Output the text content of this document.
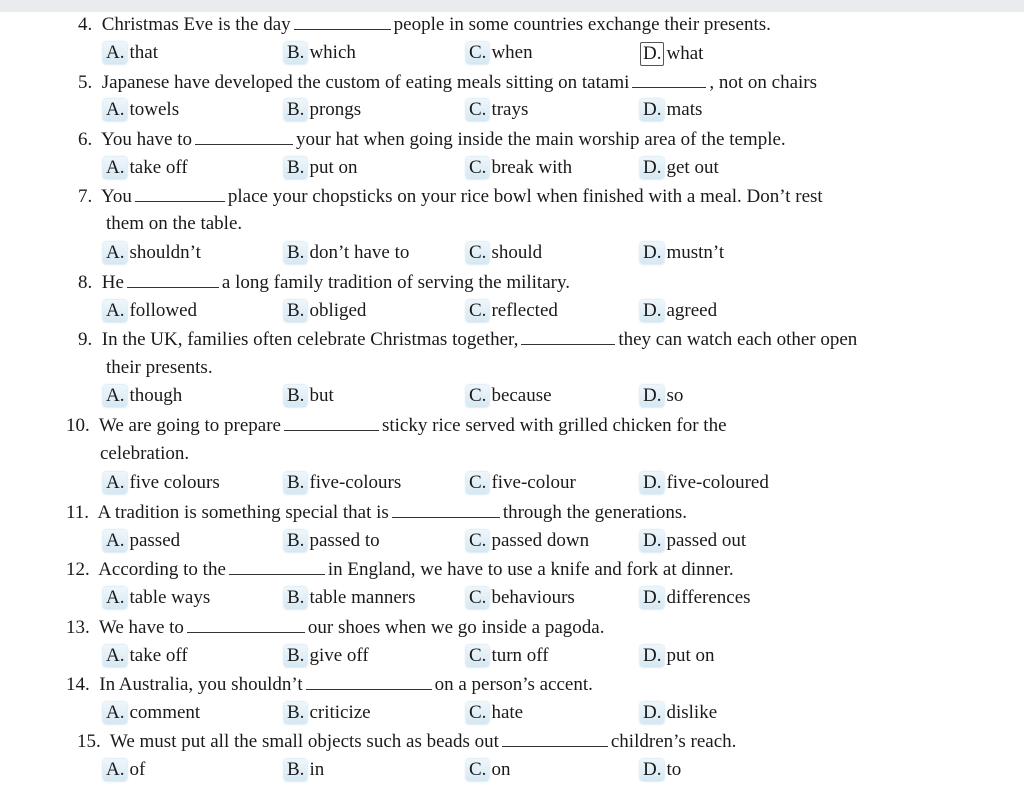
4. Christmas Eve is the day	people in some countries exchange their presents.
A. that	B. which	C. when	D. what
5. Japanese have developed the custom of eating meals sitting on tatami	, not on chairs
A. towels	B. prongs	C. trays	D. mats
6. You have to	your hat when going inside the main worship area of the temple.
A. take off	B. put on	C. break with	D. get out
7. You	place your chopsticks on your rice bowl when finished with a meal. Don’t rest
them on the table.
A. shouldn’t	B. don’t have to	C. should	D. mustn’t
8. He	a long family tradition of serving the military.
A. followed	B. obliged	C. reflected	D. agreed
9. In the UK, families often celebrate Christmas together,	they can watch each other open
their presents.
A. though	B. but	C. because	D. so
10. We are going to prepare	sticky rice served with grilled chicken for the
celebration.
A. five colours	B. five-colours	C. five-colour	D. five-coloured
11. A tradition is something special that is	through the generations.
A. passed	B. passed to	C. passed down	D. passed out
12. According to the	in England, we have to use a knife and fork at dinner.
A. table ways	B. table manners	C. behaviours	D. differences
13. We have to	our shoes when we go inside a pagoda.
A. take off	B. give off	C. turn off	D. put on
14. In Australia, you shouldn’t	on a person’s accent.
A. comment	B. criticize	C. hate	D. dislike
15. We must put all the small objects such as beads out	children’s reach.
A. of	B. in	C. on	D. to
